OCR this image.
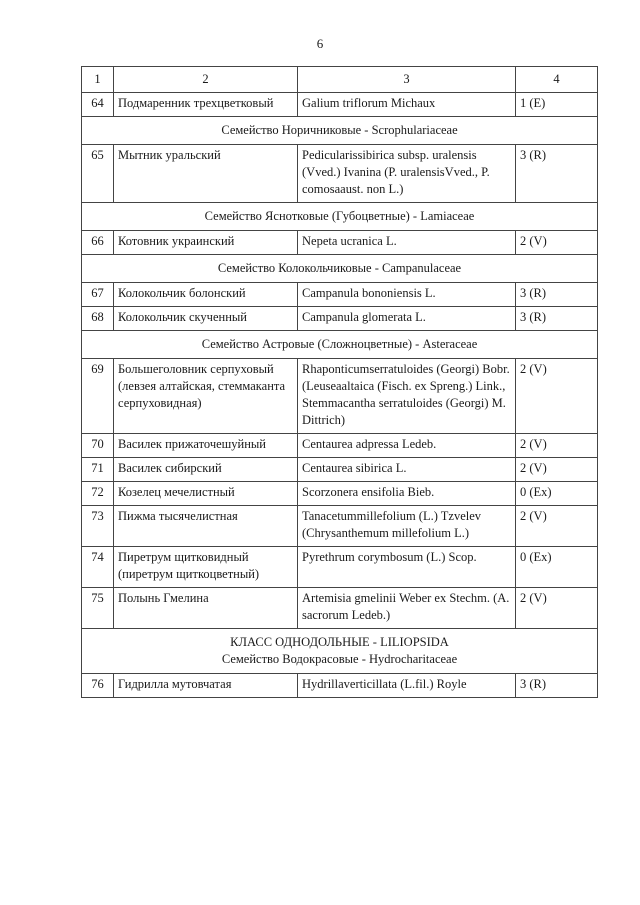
6
1	2	3	4
64	Подмаренник трехцветковый	Galium triflorum Michaux	1 (E)

Семейство Норичниковые - Scrophulariaceae			

65	Мытник уральский	Pedicularissibirica subsp. uralensis (Vved.) Ivanina (P. uralensisVved., P. comosaaust. non L.)	3 (R)

Семейство Яснотковые (Губоцветные) - Lamiaceae			

66	Котовник украинский	Nepeta ucranica L.	2 (V)

Семейство Колокольчиковые - Campanulaceae			

67	Колокольчик болонский	Campanula bononiensis L.	3 (R)
68	Колокольчик скученный	Campanula glomerata L.	3 (R)

Семейство Астровые (Сложноцветные) - Asteraceae			

69	Большеголовник серпуховый (левзея алтайская, стеммаканта серпуховидная)	Rhaponticumserratuloides (Georgi) Bobr. (Leuseaaltaica (Fisch. ex Spreng.) Link., Stemmacantha serratuloides (Georgi) M. Dittrich)	2 (V)
70	Василек прижаточешуйный	Centaurea adpressa Ledeb.	2 (V)
71	Василек сибирский	Centaurea sibirica L.	2 (V)
72	Козелец мечелистный	Scorzonera ensifolia Bieb.	0 (Ex)
73	Пижма тысячелистная	Tanacetummillefolium (L.) Tzvelev (Chrysanthemum millefolium L.)	2 (V)
74	Пиретрум щитковидный (пиретрум щиткоцветный)	Pyrethrum corymbosum (L.) Scop.	0 (Ex)
75	Полынь Гмелина	Artemisia gmelinii Weber ex Stechm. (A. sacrorum Ledeb.)	2 (V)

КЛАСС ОДНОДОЛЬНЫЕ - LILIOPSIDA
Семейство Водокрасовые - Hydrocharitaceae			

76	Гидрилла мутовчатая	Hydrillaverticillata (L.fil.) Royle	3 (R)
